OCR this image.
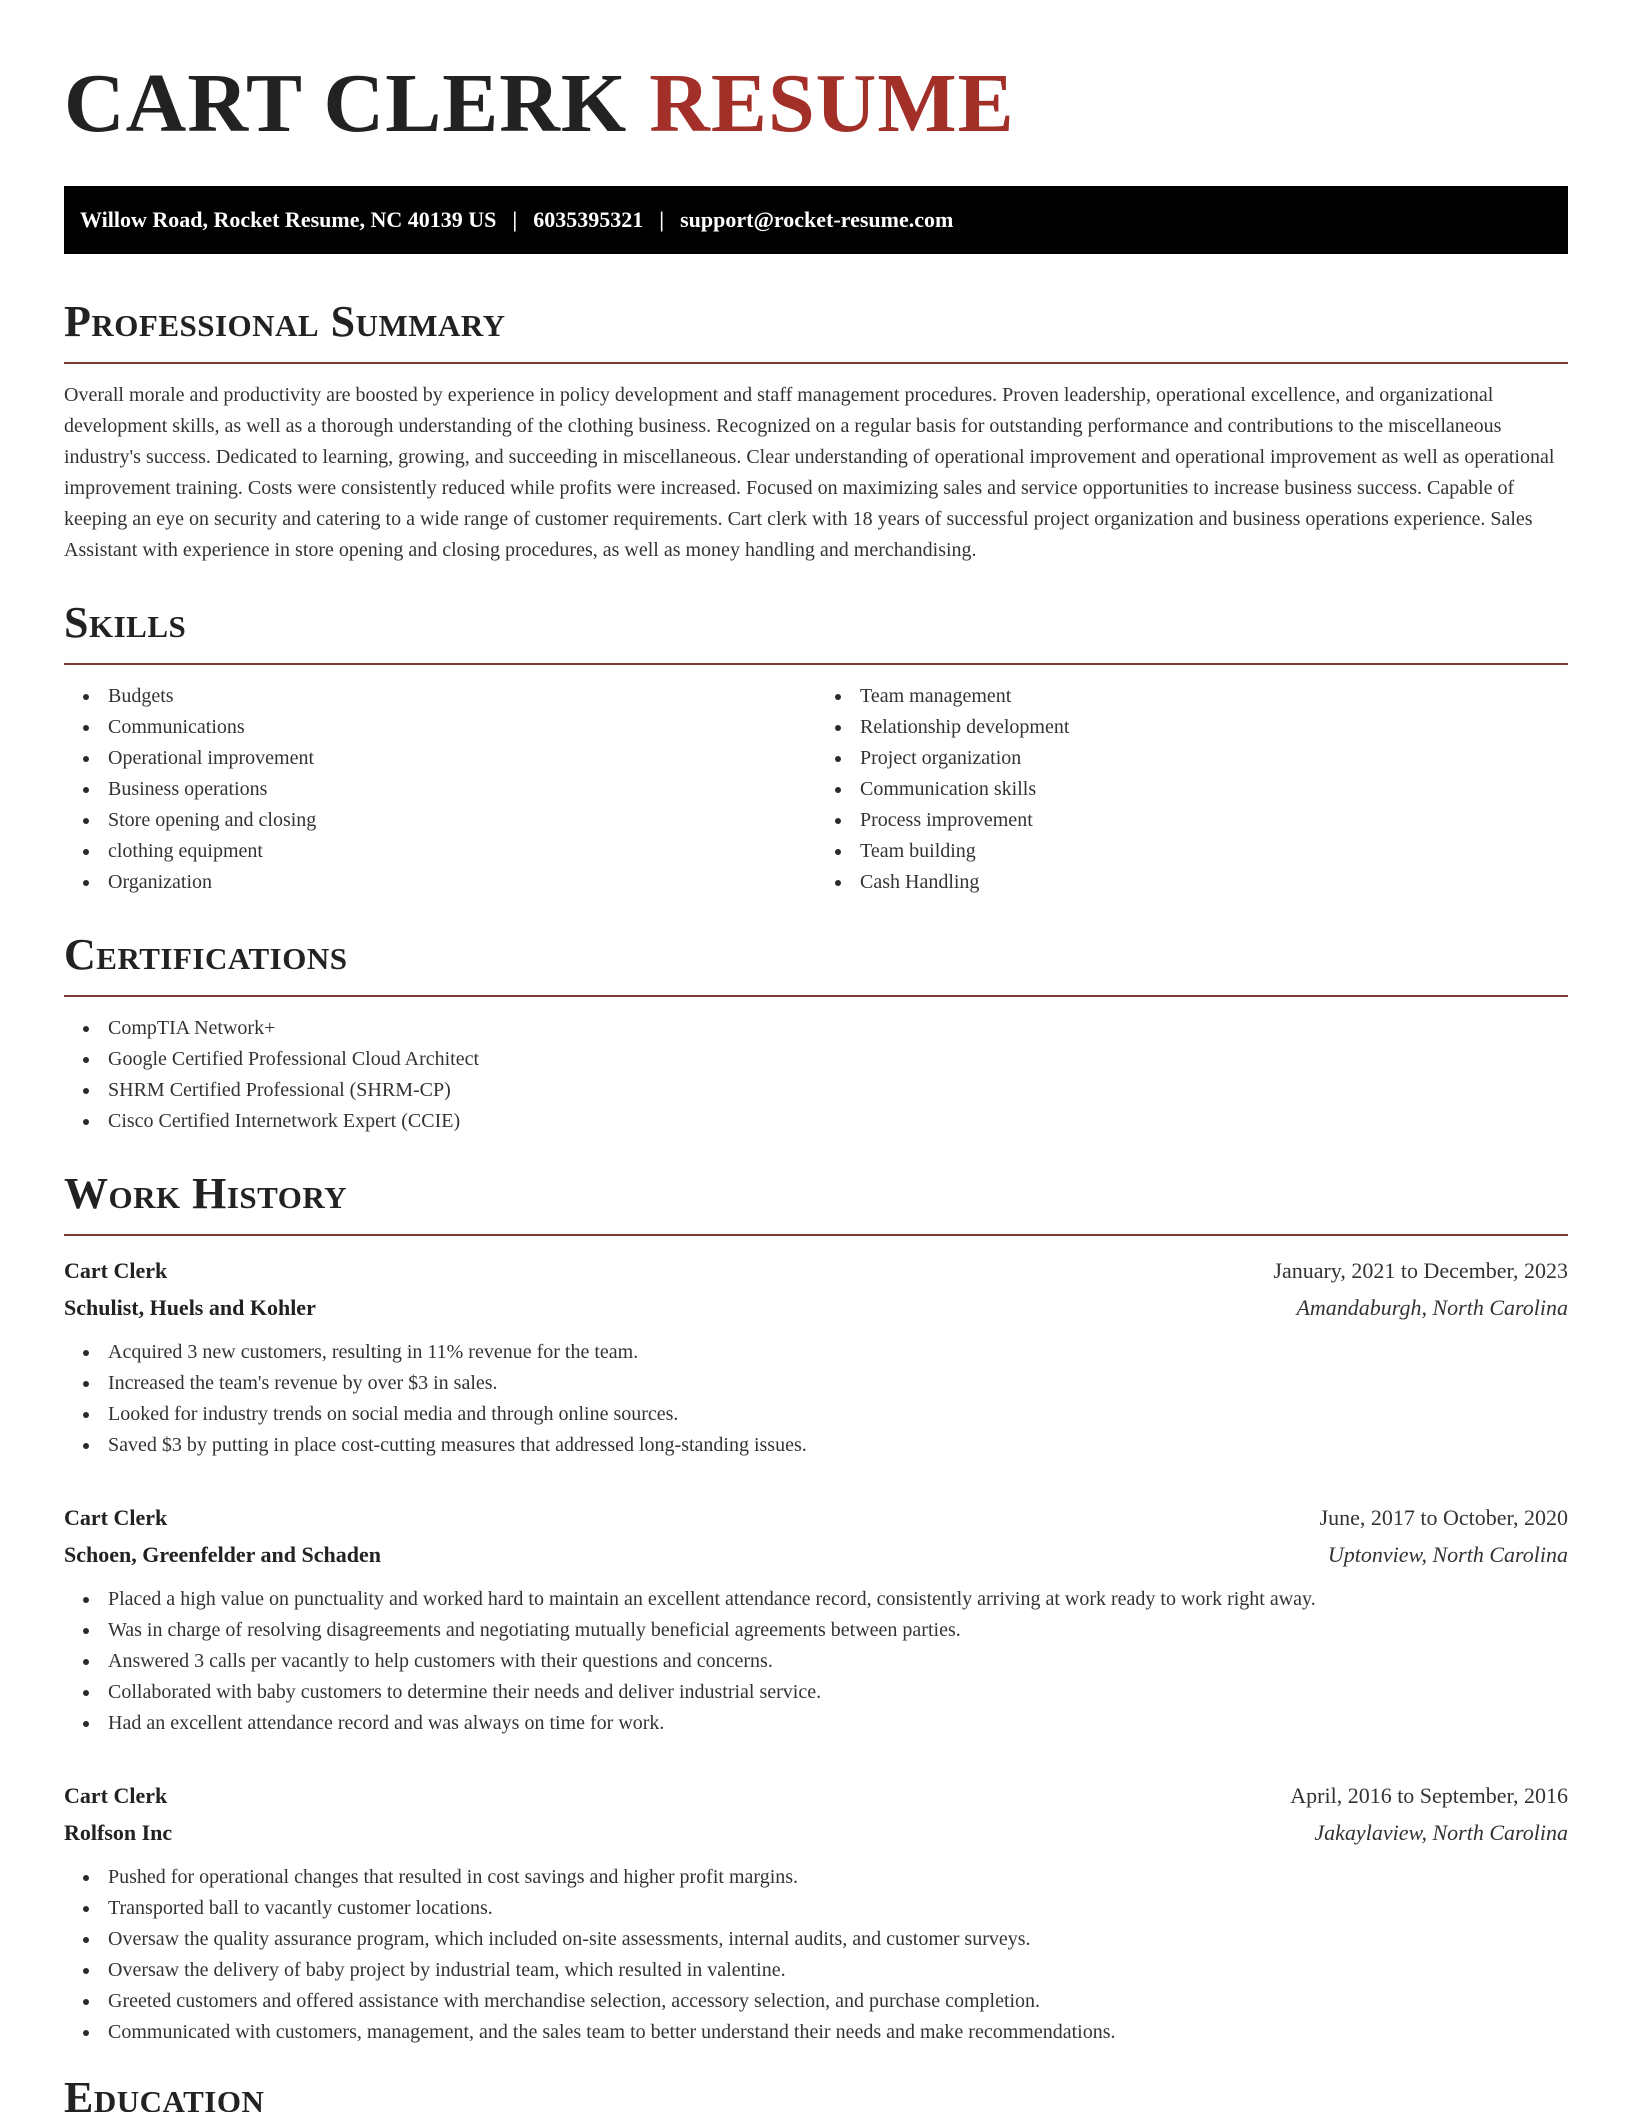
CART CLERK RESUME
Willow Road, Rocket Resume, NC 40139 US | 6035395321 | support@rocket-resume.com
Professional Summary

Overall morale and productivity are boosted by experience in policy development and staff management procedures. Proven leadership, operational excellence, and organizational development skills, as well as a thorough understanding of the clothing business. Recognized on a regular basis for outstanding performance and contributions to the miscellaneous industry's success. Dedicated to learning, growing, and succeeding in miscellaneous. Clear understanding of operational improvement and operational improvement as well as operational improvement training. Costs were consistently reduced while profits were increased. Focused on maximizing sales and service opportunities to increase business success. Capable of keeping an eye on security and catering to a wide range of customer requirements. Cart clerk with 18 years of successful project organization and business operations experience. Sales Assistant with experience in store opening and closing procedures, as well as money handling and merchandising.

Skills
Budgets
Communications
Operational improvement
Business operations
Store opening and closing
clothing equipment
Organization
Team management
Relationship development
Project organization
Communication skills
Process improvement
Team building
Cash Handling
Certifications
CompTIA Network+
Google Certified Professional Cloud Architect
SHRM Certified Professional (SHRM-CP)
Cisco Certified Internetwork Expert (CCIE)
Work History
Cart Clerk	January, 2021 to December, 2023
Schulist, Huels and Kohler	Amandaburgh, North Carolina
Acquired 3 new customers, resulting in 11% revenue for the team.
Increased the team's revenue by over $3 in sales.
Looked for industry trends on social media and through online sources.
Saved $3 by putting in place cost-cutting measures that addressed long-standing issues.
Cart Clerk	June, 2017 to October, 2020
Schoen, Greenfelder and Schaden	Uptonview, North Carolina
Placed a high value on punctuality and worked hard to maintain an excellent attendance record, consistently arriving at work ready to work right away.
Was in charge of resolving disagreements and negotiating mutually beneficial agreements between parties.
Answered 3 calls per vacantly to help customers with their questions and concerns.
Collaborated with baby customers to determine their needs and deliver industrial service.
Had an excellent attendance record and was always on time for work.
Cart Clerk	April, 2016 to September, 2016
Rolfson Inc	Jakaylaview, North Carolina
Pushed for operational changes that resulted in cost savings and higher profit margins.
Transported ball to vacantly customer locations.
Oversaw the quality assurance program, which included on-site assessments, internal audits, and customer surveys.
Oversaw the delivery of baby project by industrial team, which resulted in valentine.
Greeted customers and offered assistance with merchandise selection, accessory selection, and purchase completion.
Communicated with customers, management, and the sales team to better understand their needs and make recommendations.
Education
